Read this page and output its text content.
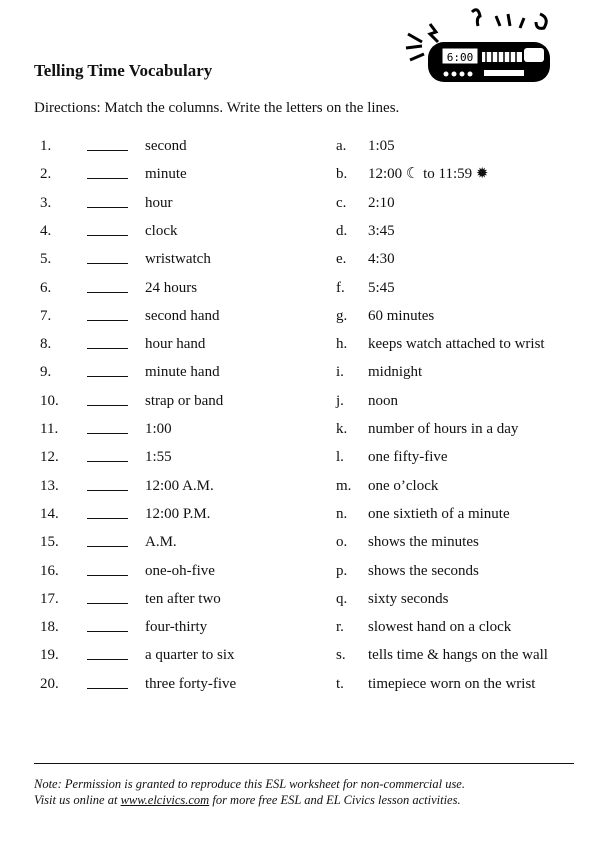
Telling Time Vocabulary
6:00
Directions: Match the columns. Write the letters on the lines.
1.	second	a. 1:05
2.	minute	b. 12:00 ☾ to 11:59 ✹
3.	hour	c. 2:10
4.	clock	d. 3:45
5.	wristwatch	e. 4:30
6.	24 hours	f. 5:45
7.	second hand	g. 60 minutes
8.	hour hand	h. keeps watch attached to wrist
9.	minute hand	i. midnight
10.	strap or band	j. noon
11.	1:00	k. number of hours in a day
12.	1:55	l. one fifty-five
13.	12:00 A.M.	m. one o’clock
14.	12:00 P.M.	n. one sixtieth of a minute
15.	A.M.	o. shows the minutes
16.	one-oh-five	p. shows the seconds
17.	ten after two	q. sixty seconds
18.	four-thirty	r. slowest hand on a clock
19.	a quarter to six	s. tells time & hangs on the wall
20.	three forty-five	t. timepiece worn on the wrist
Note: Permission is granted to reproduce this ESL worksheet for non-commercial use.
Visit us online at www.elcivics.com for more free ESL and EL Civics lesson activities.
